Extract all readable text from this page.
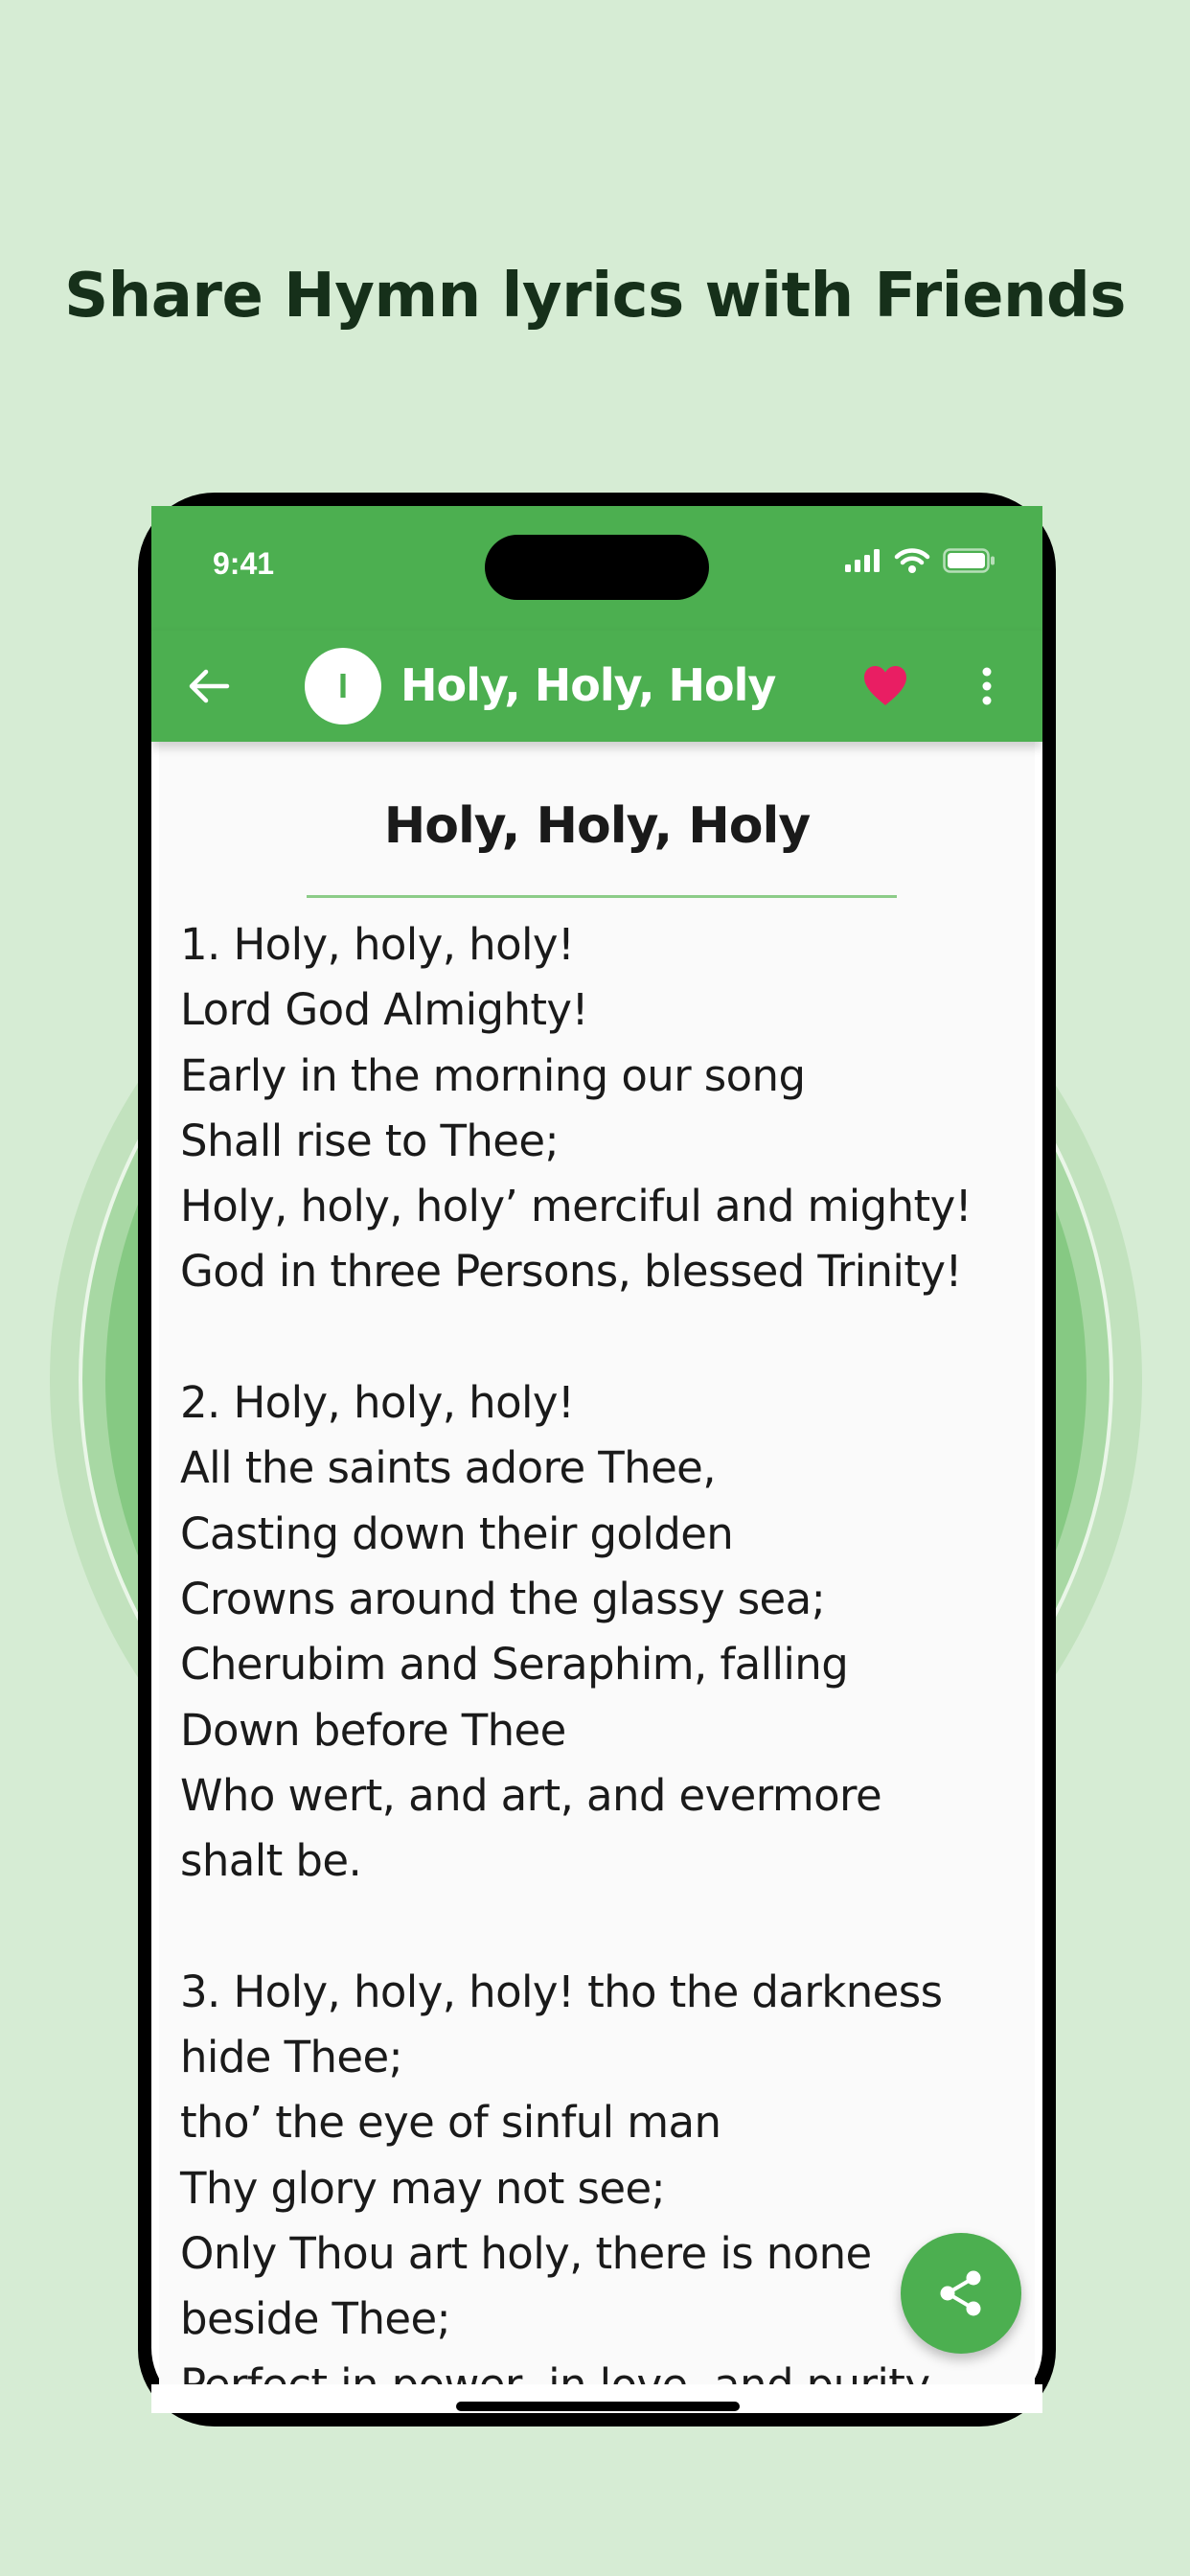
Share Hymn lyrics with Friends
9:41
I	Holy, Holy, Holy
Holy, Holy, Holy
1. Holy, holy, holy!
Lord God Almighty!
Early in the morning our song
Shall rise to Thee;
Holy, holy, holy’ merciful and mighty!
God in three Persons, blessed Trinity!

2. Holy, holy, holy!
All the saints adore Thee,
Casting down their golden
Crowns around the glassy sea;
Cherubim and Seraphim, falling
Down before Thee
Who wert, and art, and evermore
shalt be.

3. Holy, holy, holy! tho the darkness
hide Thee;
tho’ the eye of sinful man
Thy glory may not see;
Only Thou art holy, there is none
beside Thee;
